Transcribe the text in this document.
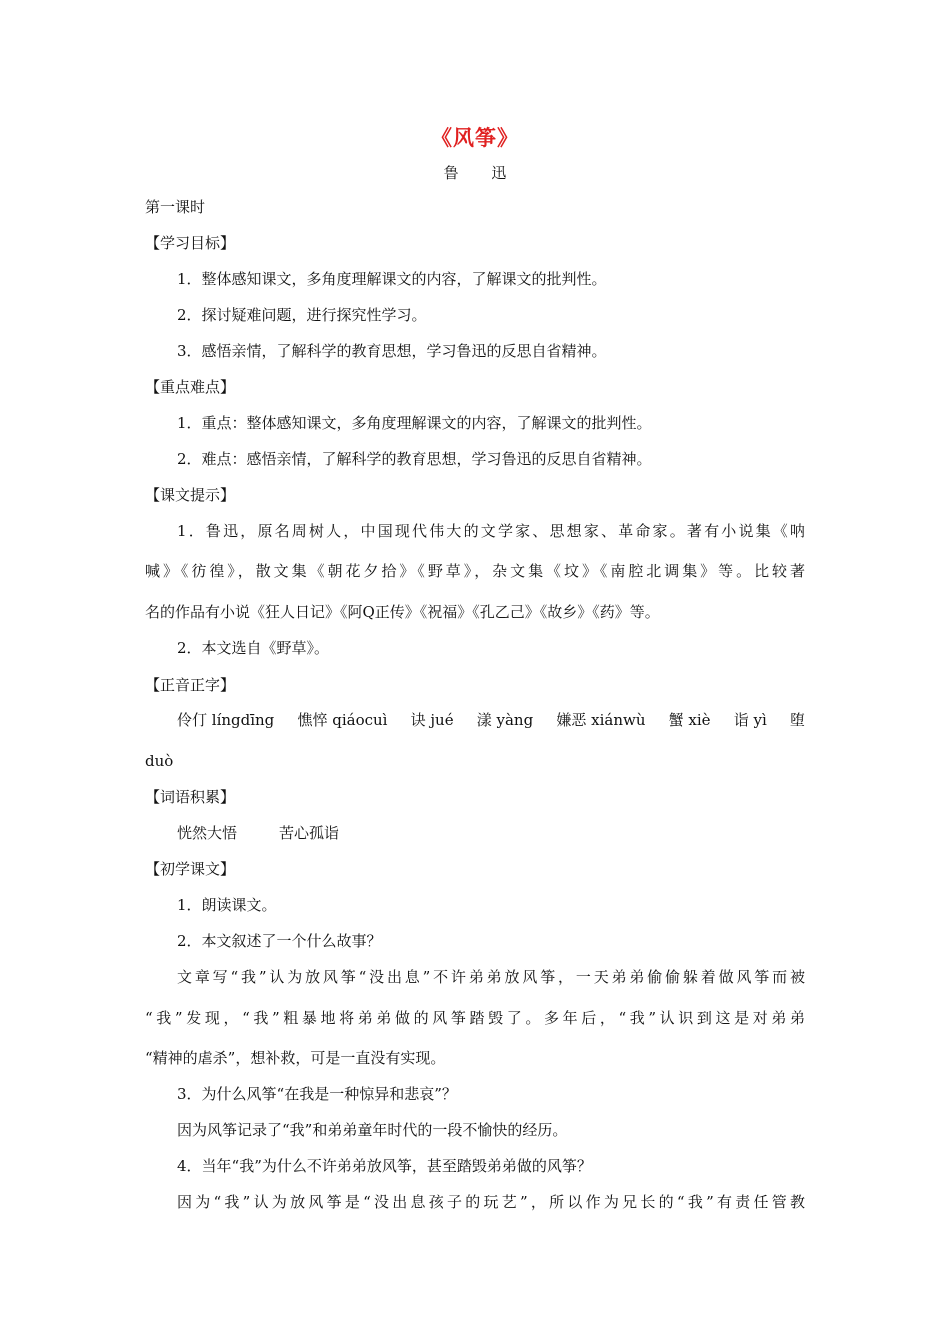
《风筝》
鲁 迅
第一课时
【学习目标】
1．整体感知课文，多角度理解课文的内容，了解课文的批判性。
2．探讨疑难问题，进行探究性学习。
3．感悟亲情，了解科学的教育思想，学习鲁迅的反思自省精神。
【重点难点】
1．重点：整体感知课文，多角度理解课文的内容，了解课文的批判性。
2．难点：感悟亲情，了解科学的教育思想，学习鲁迅的反思自省精神。
【课文提示】
1．鲁迅，原名周树人，中国现代伟大的文学家、思想家、革命家。著有小说集《呐
喊》《彷徨》，散文集《朝花夕拾》《野草》，杂文集《坟》《南腔北调集》等。比较著
名的作品有小说《狂人日记》《阿Q正传》《祝福》《孔乙己》《故乡》《药》等。
2．本文选自《野草》。
【正音正字】
伶仃 língdīng 憔悴 qiáocuì 诀 jué 漾 yàng 嫌恶 xiánwù 蟹 xiè 诣 yì 堕
duò
【词语积累】
恍然大悟	苦心孤诣
【初学课文】
1．朗读课文。
2．本文叙述了一个什么故事？
文章写“我”认为放风筝“没出息”不许弟弟放风筝，一天弟弟偷偷躲着做风筝而被
“我”发现，“我”粗暴地将弟弟做的风筝踏毁了。多年后，“我”认识到这是对弟弟
“精神的虐杀”，想补救，可是一直没有实现。
3．为什么风筝“在我是一种惊异和悲哀”？
因为风筝记录了“我”和弟弟童年时代的一段不愉快的经历。
4．当年“我”为什么不许弟弟放风筝，甚至踏毁弟弟做的风筝？
因为“我”认为放风筝是“没出息孩子的玩艺”，所以作为兄长的“我”有责任管教
